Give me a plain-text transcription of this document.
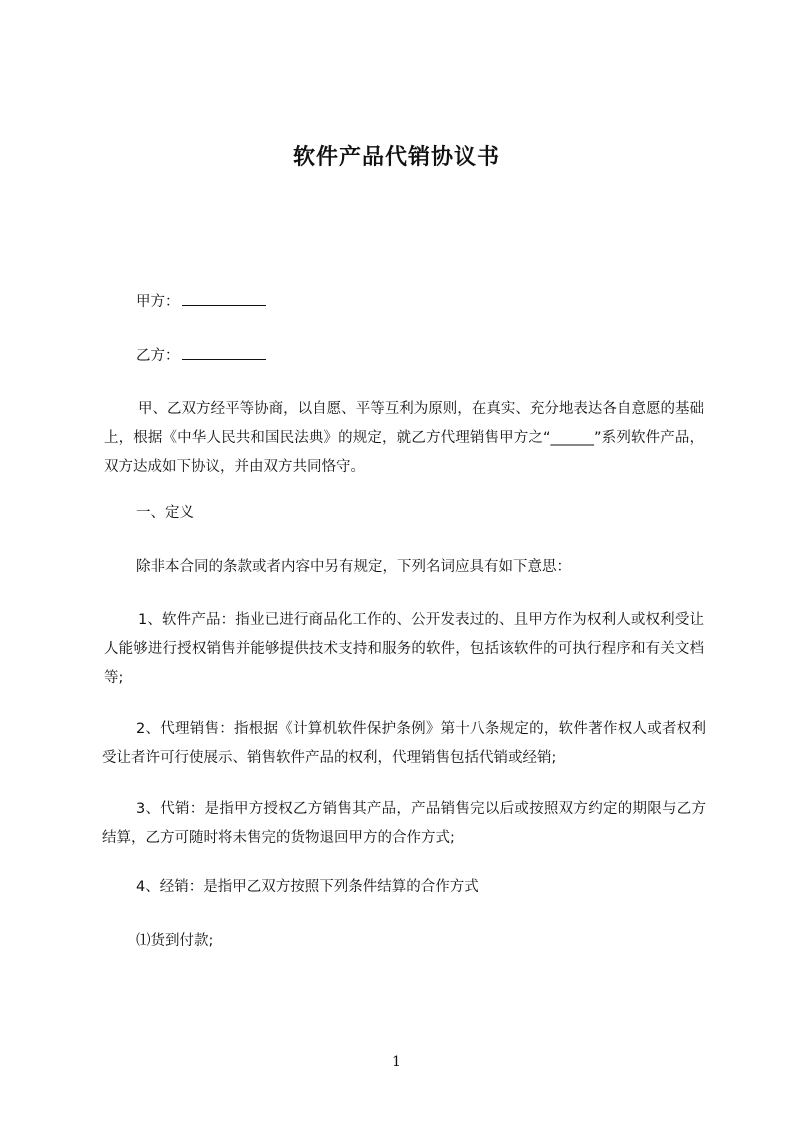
软件产品代销协议书
甲方：
乙方：
甲、乙双方经平等协商，以自愿、平等互利为原则，在真实、充分地表达各自意愿的基础上，根据《中华人民共和国民法典》的规定，就乙方代理销售甲方之“______”系列软件产品，双方达成如下协议，并由双方共同恪守。
一、定义
除非本合同的条款或者内容中另有规定，下列名词应具有如下意思：
1、软件产品：指业已进行商品化工作的、公开发表过的、且甲方作为权利人或权利受让人能够进行授权销售并能够提供技术支持和服务的软件，包括该软件的可执行程序和有关文档等;
2、代理销售：指根据《计算机软件保护条例》第十八条规定的，软件著作权人或者权利受让者许可行使展示、销售软件产品的权利，代理销售包括代销或经销;
3、代销：是指甲方授权乙方销售其产品，产品销售完以后或按照双方约定的期限与乙方结算，乙方可随时将未售完的货物退回甲方的合作方式;
4、经销：是指甲乙双方按照下列条件结算的合作方式
⑴货到付款;
1
